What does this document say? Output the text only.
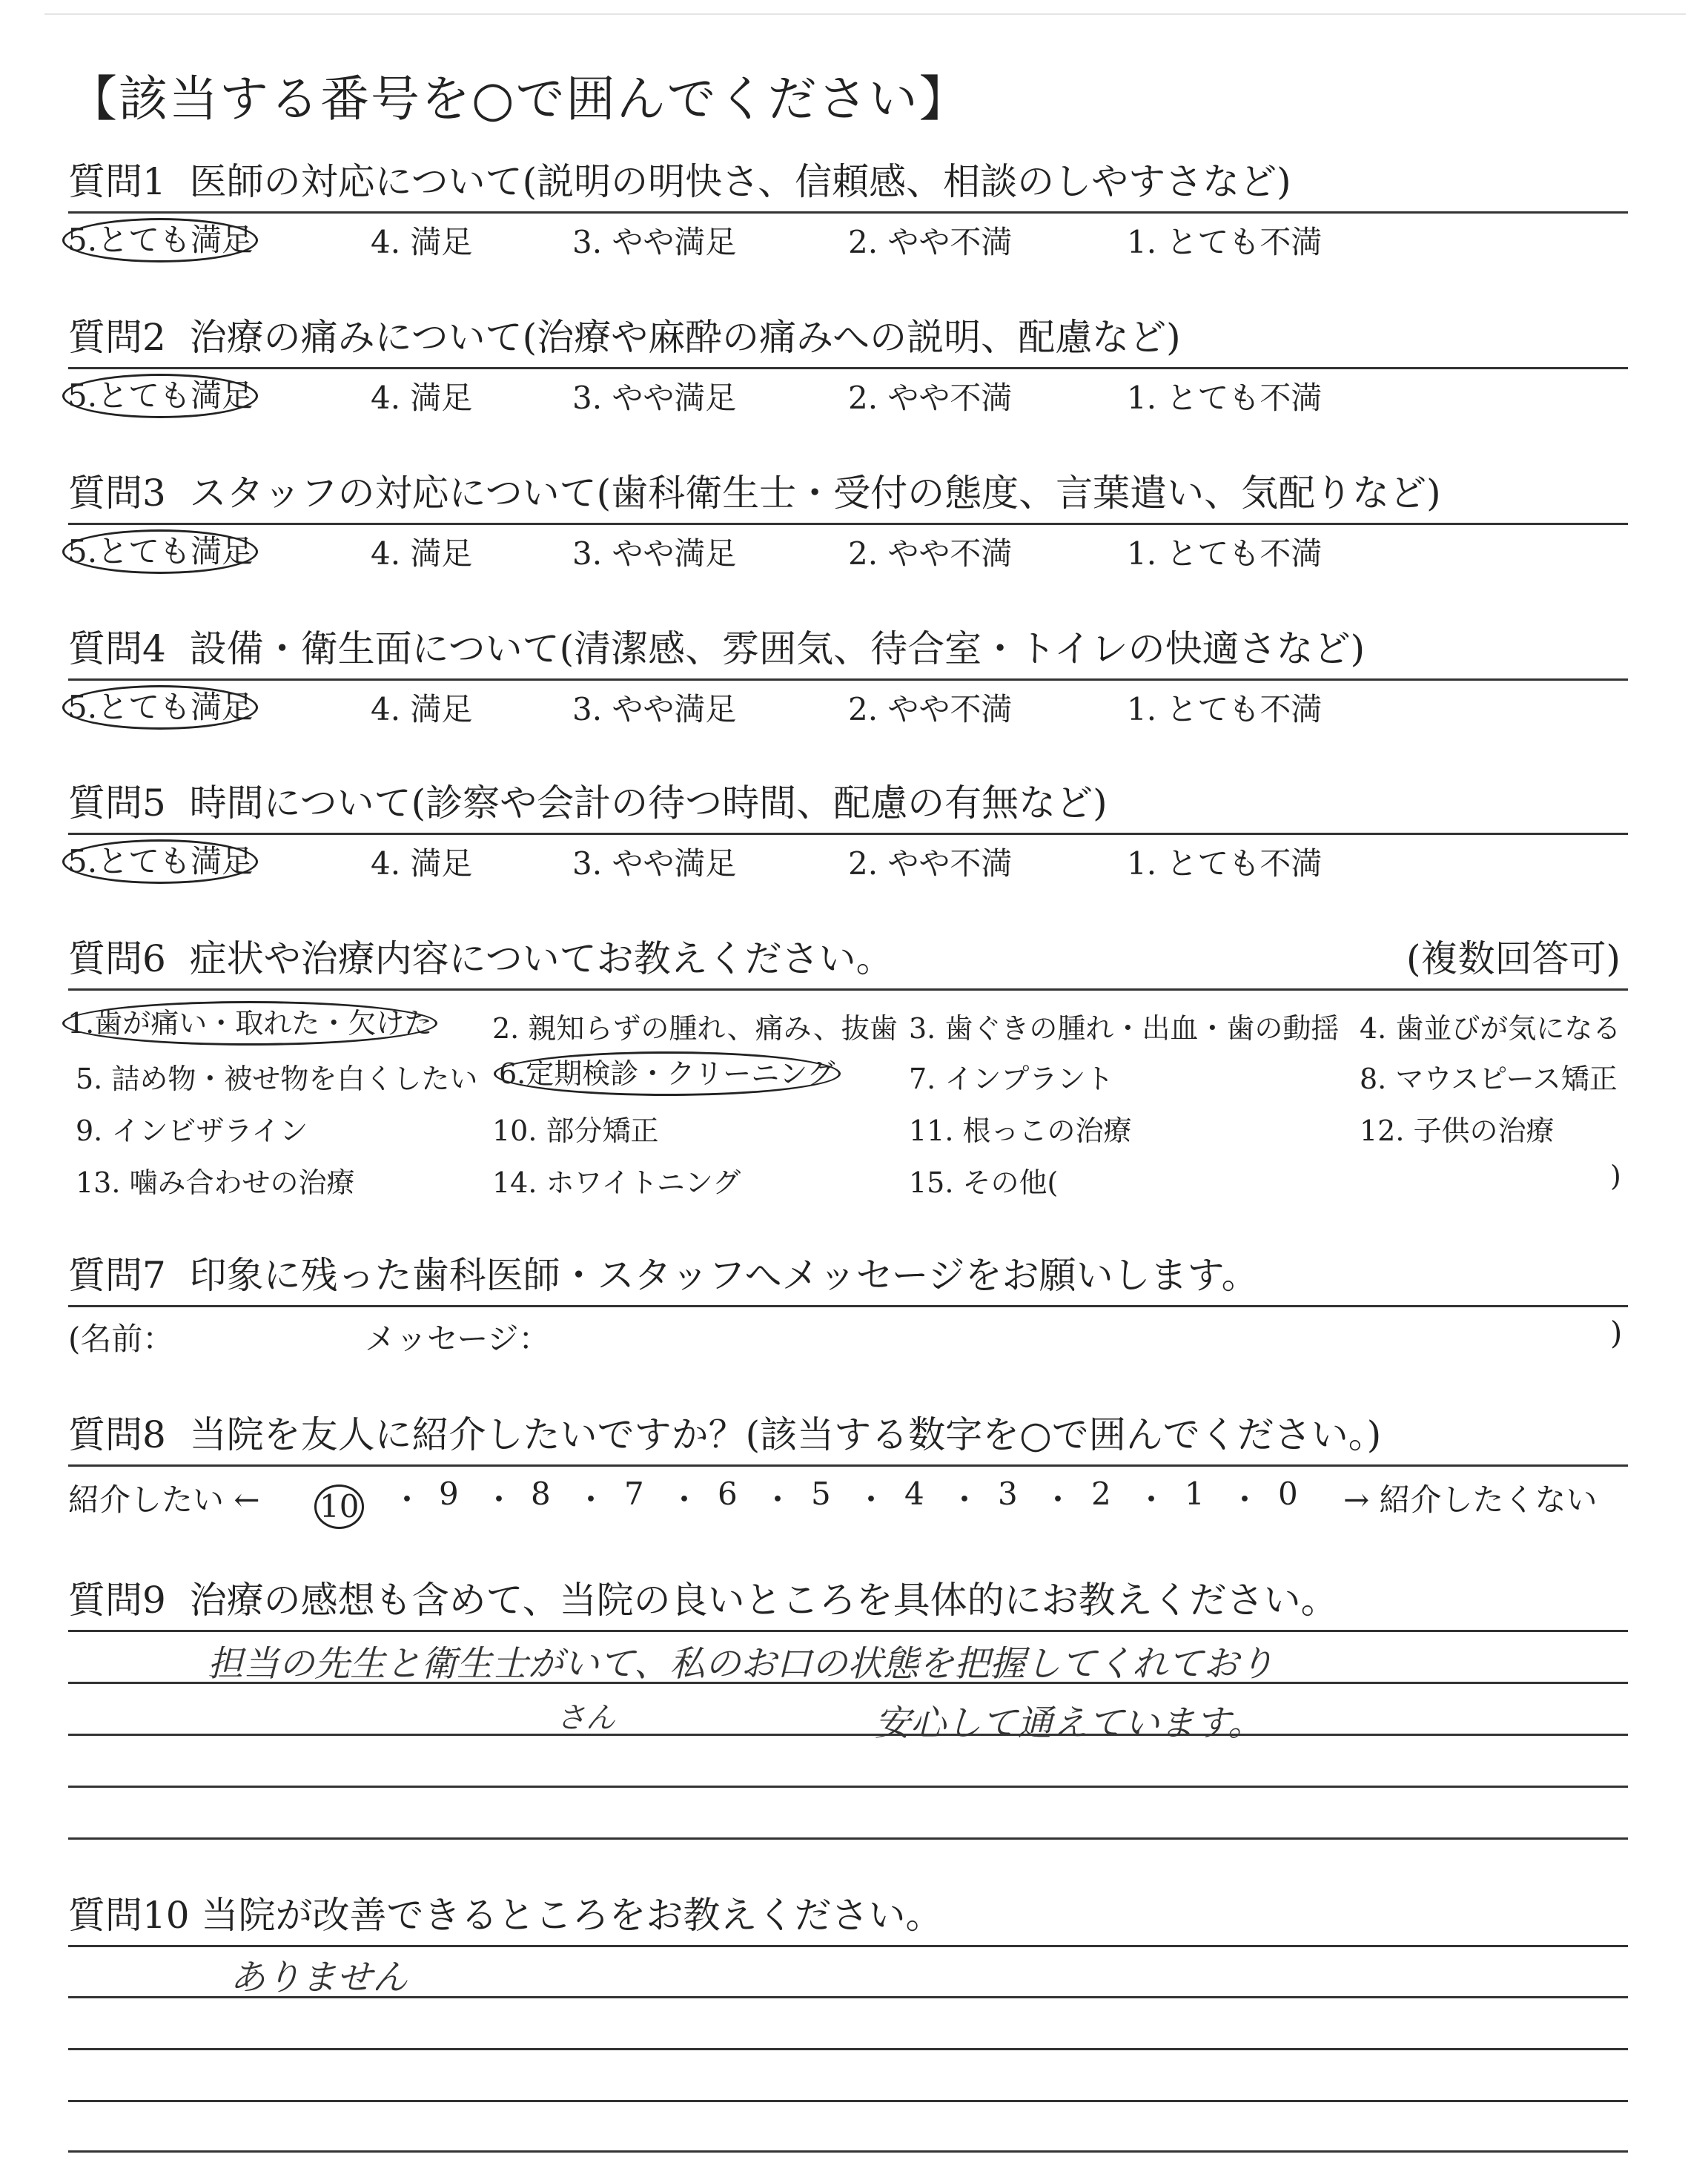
【該当する番号を○で囲んでください】
質問1 医師の対応について(説明の明快さ、信頼感、相談のしやすさなど)
5.とても満足	4. 満足	3. やや満足	2. やや不満	1. とても不満
質問2 治療の痛みについて(治療や麻酔の痛みへの説明、配慮など)
5.とても満足	4. 満足	3. やや満足	2. やや不満	1. とても不満
質問3 スタッフの対応について(歯科衛生士・受付の態度、言葉遣い、気配りなど)
5.とても満足	4. 満足	3. やや満足	2. やや不満	1. とても不満
質問4 設備・衛生面について(清潔感、雰囲気、待合室・トイレの快適さなど)
5.とても満足	4. 満足	3. やや満足	2. やや不満	1. とても不満
質問5 時間について(診察や会計の待つ時間、配慮の有無など)
5.とても満足	4. 満足	3. やや満足	2. やや不満	1. とても不満
質問6 症状や治療内容についてお教えください。	(複数回答可)
1.歯が痛い・取れた・欠けた 2. 親知らずの腫れ、痛み、抜歯 3. 歯ぐきの腫れ・出血・歯の動揺 4. 歯並びが気になる
5. 詰め物・被せ物を白くしたい 6.定期検診・クリーニング	7. インプラント	8. マウスピース矯正
9. インビザライン	10. 部分矯正	11. 根っこの治療	12. 子供の治療
13. 噛み合わせの治療	14. ホワイトニング	15. その他(	)
質問7 印象に残った歯科医師・スタッフへメッセージをお願いします。
(名前：	メッセージ：	)
質問8 当院を友人に紹介したいですか？(該当する数字を○で囲んでください。)
紹介したい ← 10 ・ 9 ・ 8 ・ 7 ・ 6 ・ 5 ・ 4 ・ 3 ・ 2 ・ 1 ・ 0 → 紹介したくない
質問9 治療の感想も含めて、当院の良いところを具体的にお教えください。
担当の先生と衛生士がいて、私のお口の状態を把握してくれており
さん	安心して通えています。
質問10 当院が改善できるところをお教えください。
ありません
